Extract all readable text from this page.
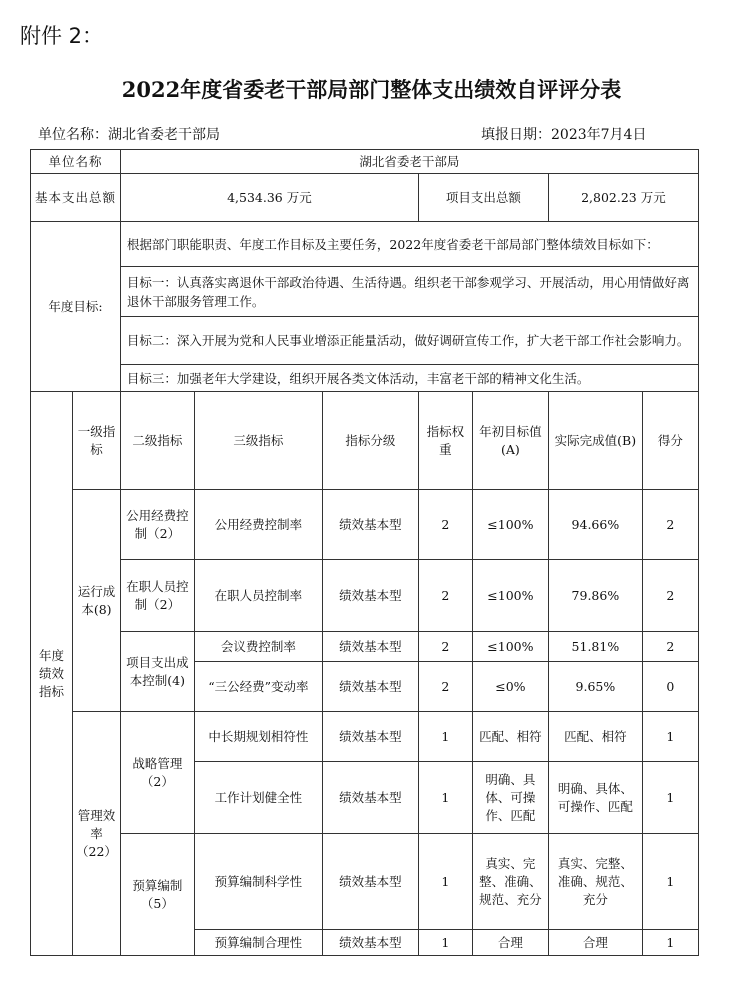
附件 2：
2022年度省委老干部局部门整体支出绩效自评评分表
单位名称：湖北省委老干部局	填报日期：2023年7月4日
单位名称		湖北省委老干部局						
基本支出总额		4,534.36 万元			项目支出总额		2,802.23 万元	
年度目标:		根据部门职能职责、年度工作目标及主要任务，2022年度省委老干部局部门整体绩效目标如下：						
		目标一：认真落实离退休干部政治待遇、生活待遇。组织老干部参观学习、开展活动，用心用情做好离退休干部服务管理工作。						
		目标二：深入开展为党和人民事业增添正能量活动，做好调研宣传工作，扩大老干部工作社会影响力。						
		目标三：加强老年大学建设，组织开展各类文体活动，丰富老干部的精神文化生活。						
年度绩效指标	一级指标	二级指标	三级指标	指标分级	指标权重	年初目标值(A)	实际完成值(B)	得分
	运行成本(8)	公用经费控制（2）	公用经费控制率	绩效基本型	2	≤100%	94.66%	2
		在职人员控制（2）	在职人员控制率	绩效基本型	2	≤100%	79.86%	2
		项目支出成本控制(4)	会议费控制率	绩效基本型	2	≤100%	51.81%	2
			“三公经费”变动率	绩效基本型	2	≤0%	9.65%	0
	管理效率（22）	战略管理（2）	中长期规划相符性	绩效基本型	1	匹配、相符	匹配、相符	1
			工作计划健全性	绩效基本型	1	明确、具体、可操作、匹配	明确、具体、可操作、匹配	1
		预算编制（5）	预算编制科学性	绩效基本型	1	真实、完整、准确、规范、充分	真实、完整、准确、规范、充分	1
			预算编制合理性	绩效基本型	1	合理	合理	1
